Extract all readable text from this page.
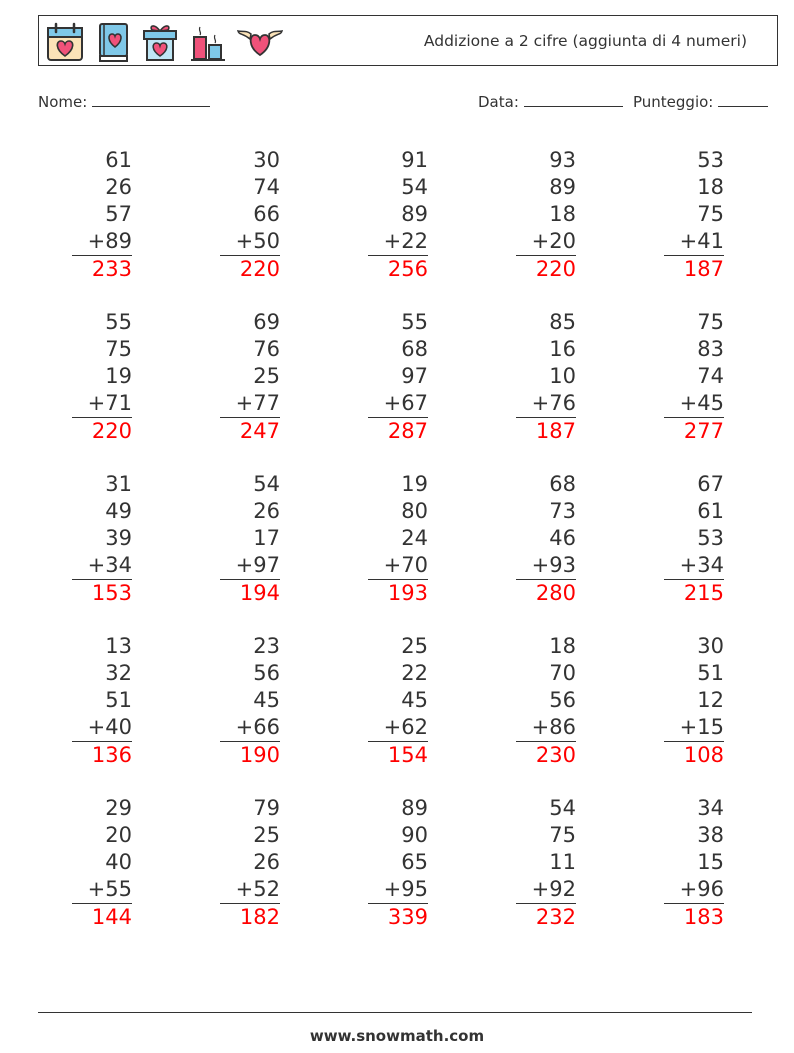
Addizione a 2 cifre (aggiunta di 4 numeri)
Nome:	Data:	Punteggio:
61
26
57
+89
233
30
74
66
+50
220
91
54
89
+22
256
93
89
18
+20
220
53
18
75
+41
187
55
75
19
+71
220
69
76
25
+77
247
55
68
97
+67
287
85
16
10
+76
187
75
83
74
+45
277
31
49
39
+34
153
54
26
17
+97
194
19
80
24
+70
193
68
73
46
+93
280
67
61
53
+34
215
13
32
51
+40
136
23
56
45
+66
190
25
22
45
+62
154
18
70
56
+86
230
30
51
12
+15
108
29
20
40
+55
144
79
25
26
+52
182
89
90
65
+95
339
54
75
11
+92
232
34
38
15
+96
183
www.snowmath.com
